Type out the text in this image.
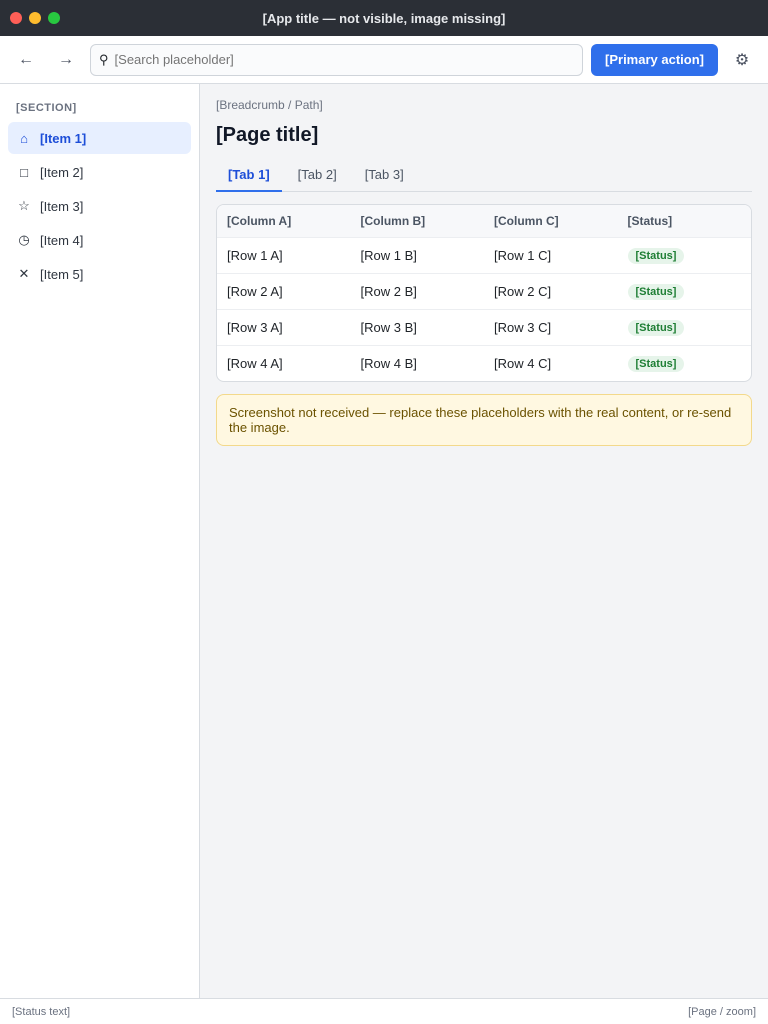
[App title — not visible, image missing]
←	→	⚲
[Search placeholder]	[Primary action]	⚙
[SECTION]
⌂ [Item 1]
□ [Item 2]
☆ [Item 3]
◷ [Item 4]
✕ [Item 5]
[Breadcrumb / Path]
[Page title]
[Tab 1]	[Tab 2]	[Tab 3]
[Column A]	[Column B]	[Column C]	[Status]
[Row 1 A]	[Row 1 B]	[Row 1 C]	[Status]
[Row 2 A]	[Row 2 B]	[Row 2 C]	[Status]
[Row 3 A]	[Row 3 B]	[Row 3 C]	[Status]
[Row 4 A]	[Row 4 B]	[Row 4 C]	[Status]
Screenshot not received — replace these placeholders with the real content, or re-send the image.
[Status text]	[Page / zoom]
